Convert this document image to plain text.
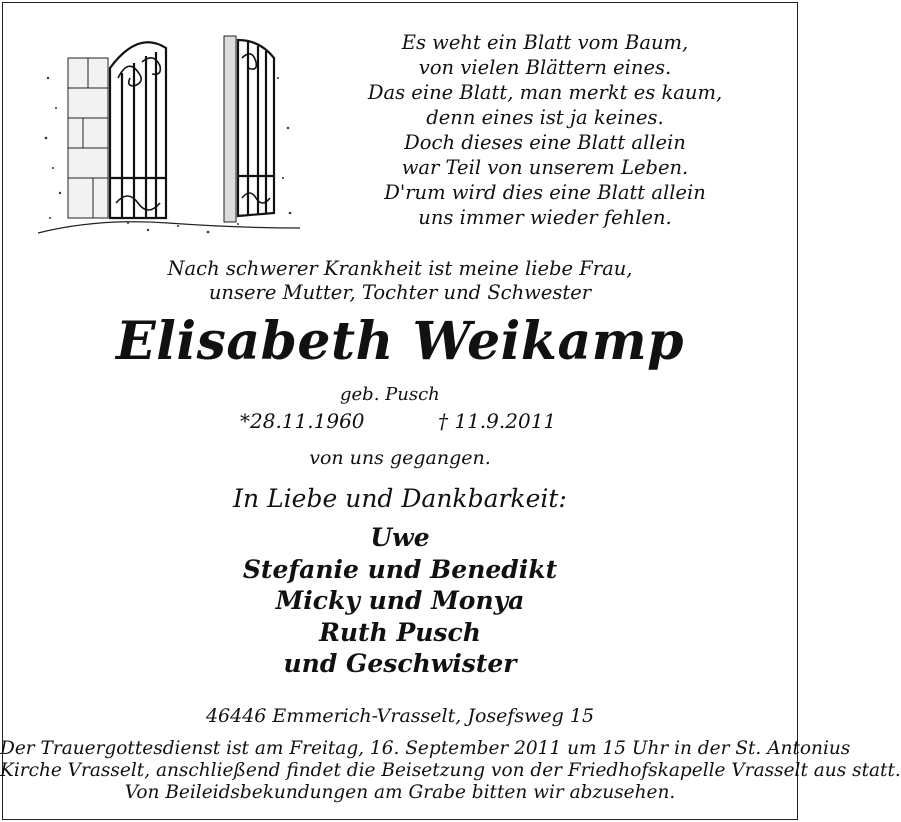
Es weht ein Blatt vom Baum,
von vielen Blättern eines.
Das eine Blatt, man merkt es kaum,
denn eines ist ja keines.
Doch dieses eine Blatt allein
war Teil von unserem Leben.
D'rum wird dies eine Blatt allein
uns immer wieder fehlen.
Nach schwerer Krankheit ist meine liebe Frau,
unsere Mutter, Tochter und Schwester
Elisabeth Weikamp
geb. Pusch
*28.11.1960	† 11.9.2011
von uns gegangen.
In Liebe und Dankbarkeit:
Uwe
Stefanie und Benedikt
Micky und Monya
Ruth Pusch
und Geschwister
46446 Emmerich-Vrasselt, Josefsweg 15
Der Trauergottesdienst ist am Freitag, 16. September 2011 um 15 Uhr in der St. Antonius
Kirche Vrasselt, anschließend findet die Beisetzung von der Friedhofskapelle Vrasselt aus statt.
Von Beileidsbekundungen am Grabe bitten wir abzusehen.
